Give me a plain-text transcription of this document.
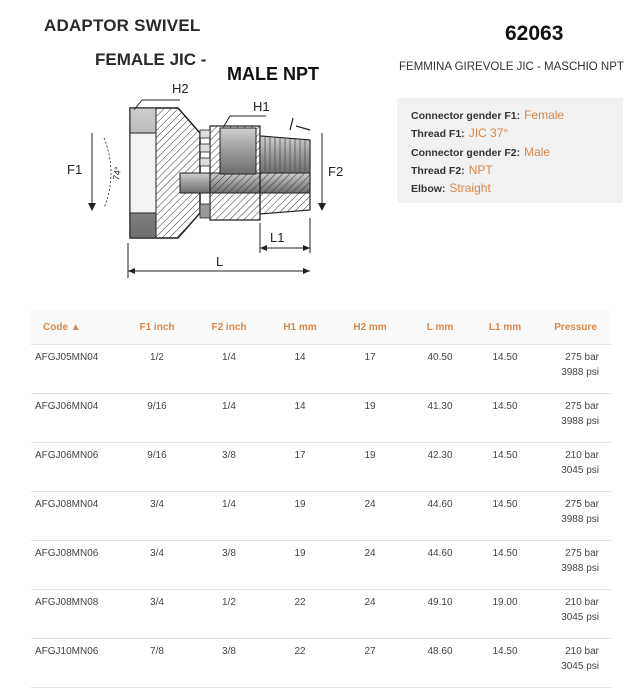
ADAPTOR SWIVEL
FEMALE JIC -
MALE NPT
62063
FEMMINA GIREVOLE JIC - MASCHIO NPT
Connector gender F1: Female
Thread F1: JIC 37°
Connector gender F2: Male
Thread F2: NPT
Elbow: Straight
H2
H1
F1	74°	F2
L1
L
Code ▲	F1 inch	F2 inch	H1 mm	H2 mm	L mm	L1 mm	Pressure
AFGJ05MN04	1/2	1/4	14	17	40.50	14.50	275 bar
3988 psi
AFGJ06MN04	9/16	1/4	14	19	41.30	14.50	275 bar
3988 psi
AFGJ06MN06	9/16	3/8	17	19	42.30	14.50	210 bar
3045 psi
AFGJ08MN04	3/4	1/4	19	24	44.60	14.50	275 bar
3988 psi
AFGJ08MN06	3/4	3/8	19	24	44.60	14.50	275 bar
3988 psi
AFGJ08MN08	3/4	1/2	22	24	49.10	19.00	210 bar
3045 psi
AFGJ10MN06	7/8	3/8	22	27	48.60	14.50	210 bar
3045 psi
